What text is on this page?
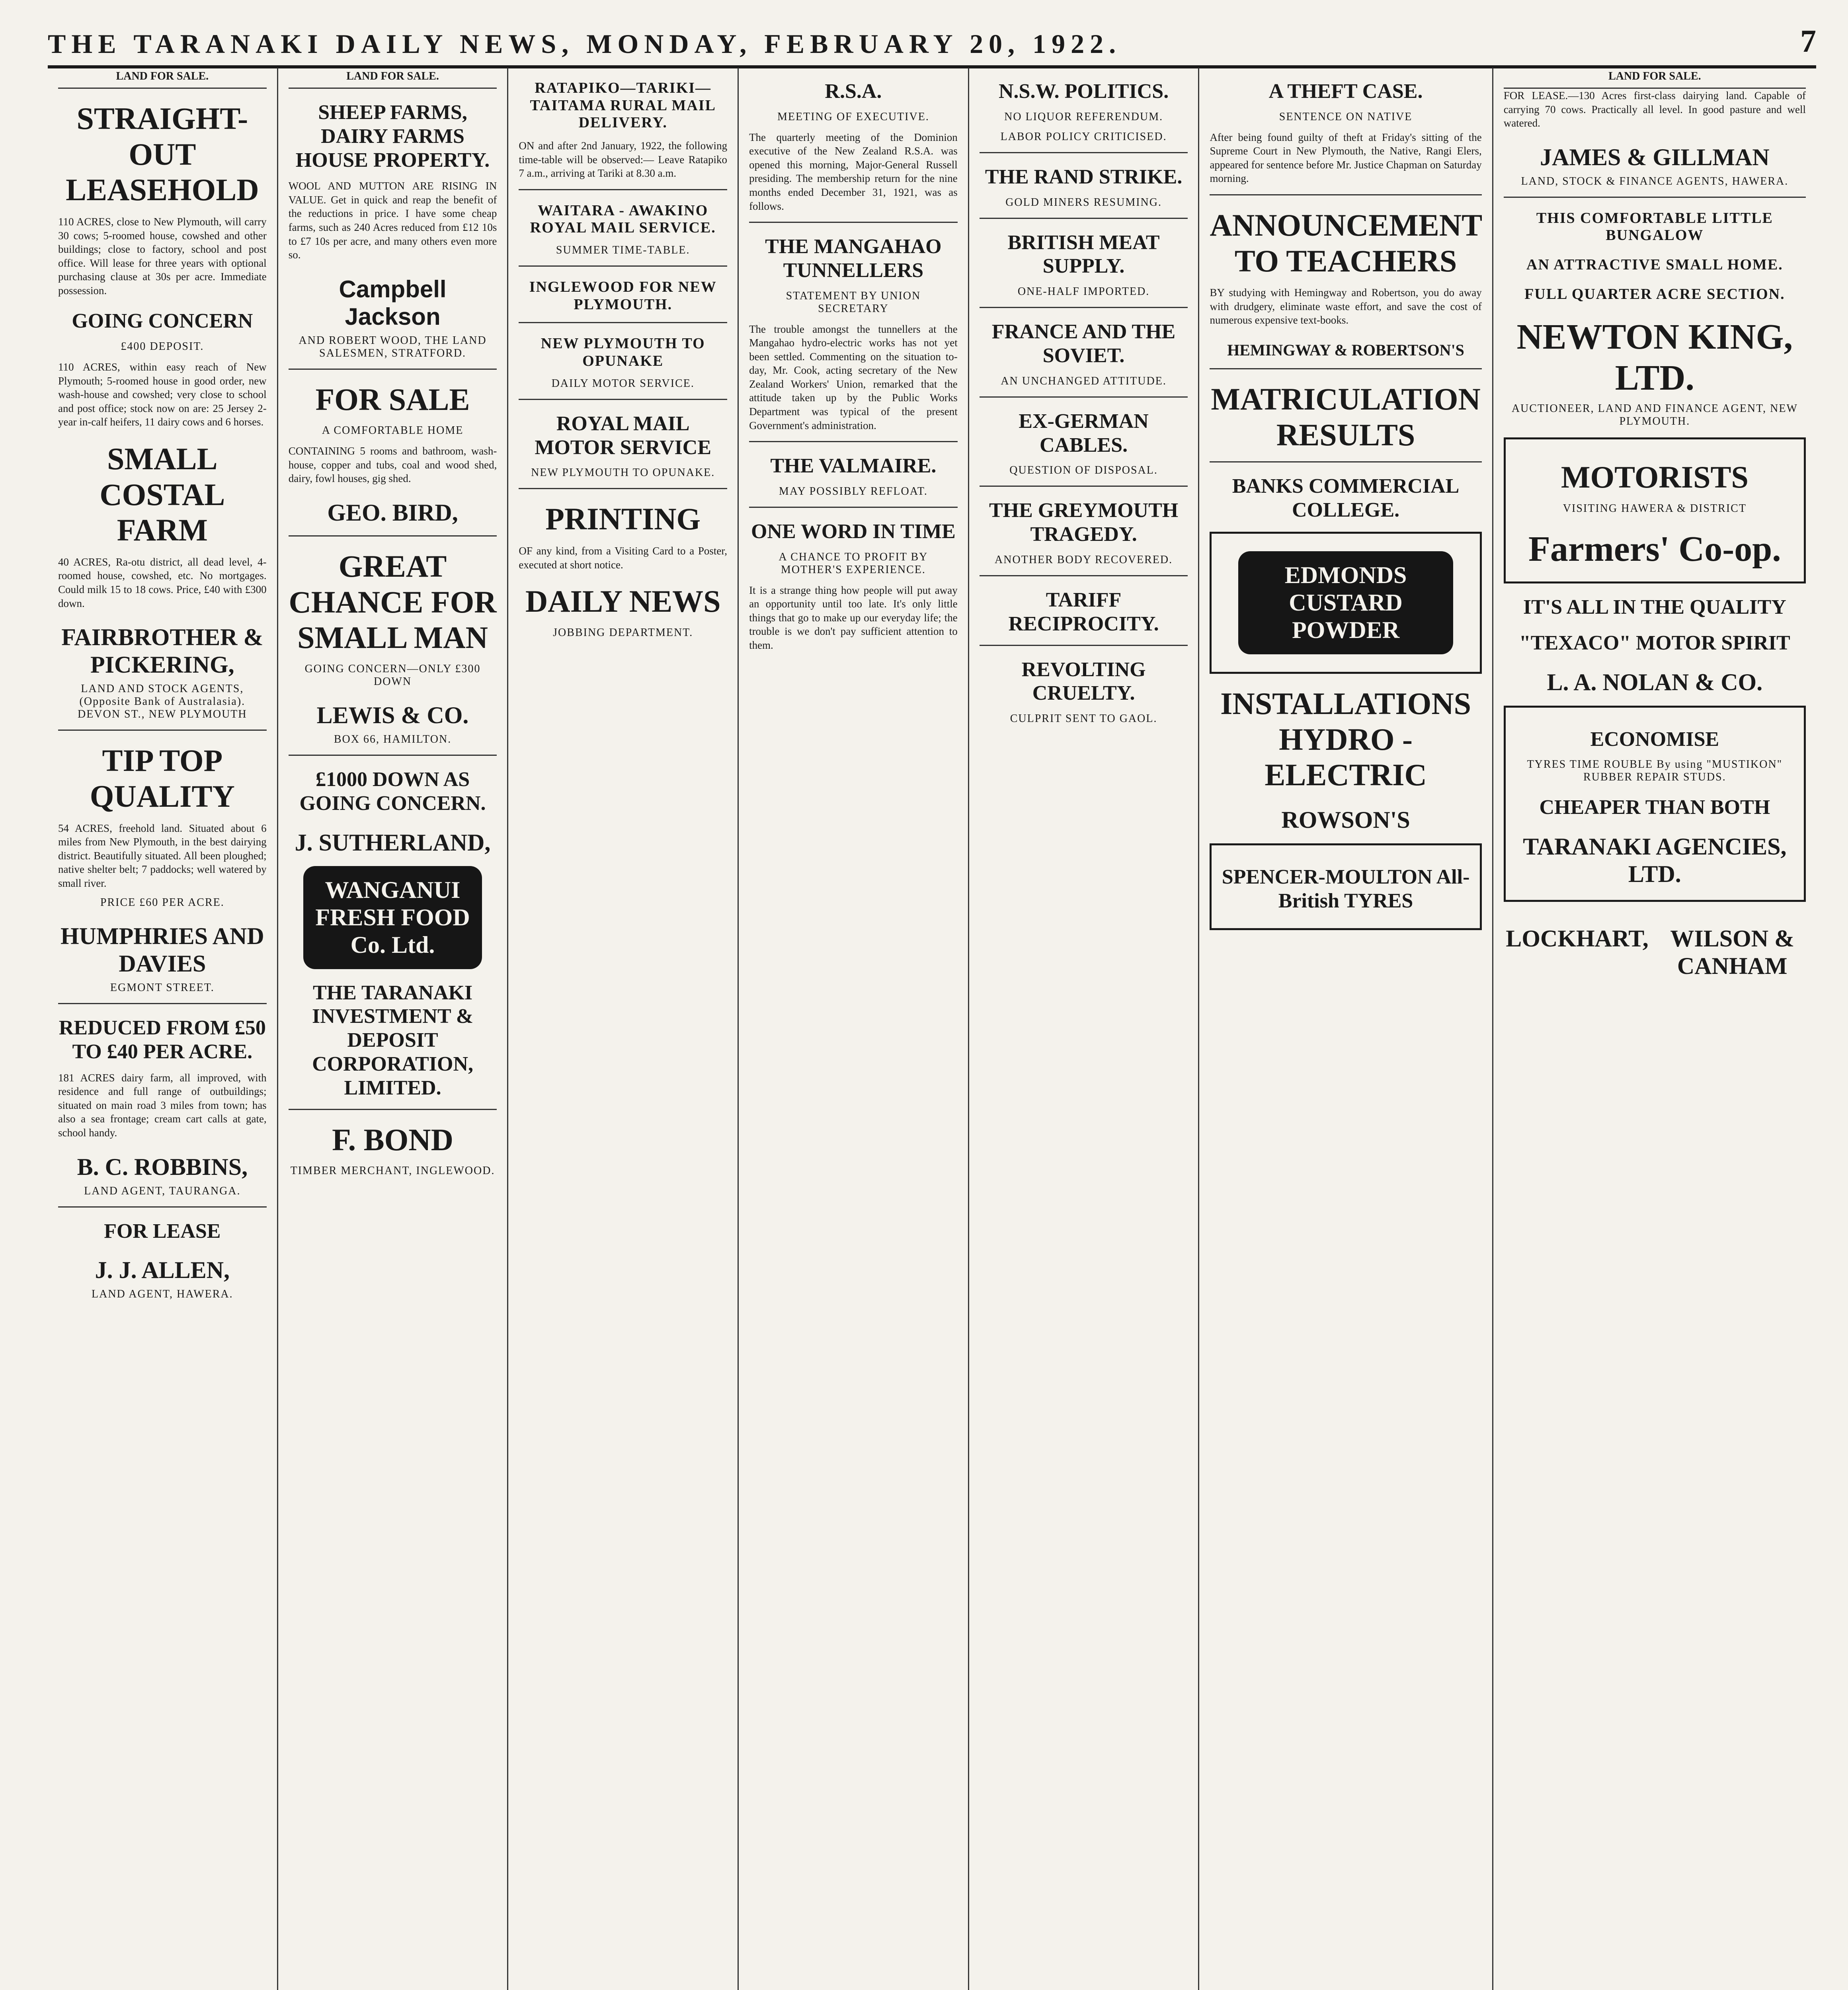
THE TARANAKI DAILY NEWS, MONDAY, FEBRUARY 20, 1922.	7
LAND FOR SALE.
STRAIGHT-OUT LEASEHOLD

110 ACRES, close to New Plymouth, will carry 30 cows; 5-roomed house, cowshed and other buildings; close to factory, school and post office. Will lease for three years with optional purchasing clause at 30s per acre. Immediate possession.

GOING CONCERN
£400 DEPOSIT.

110 ACRES, within easy reach of New Plymouth; 5-roomed house in good order, new wash-house and cowshed; very close to school and post office; stock now on are: 25 Jersey 2-year in-calf heifers, 11 dairy cows and 6 horses.

SMALL COSTAL FARM

40 ACRES, Ra-otu district, all dead level, 4-roomed house, cowshed, etc. No mortgages. Could milk 15 to 18 cows. Price, £40 with £300 down.

FAIRBROTHER & PICKERING,
LAND AND STOCK AGENTS, (Opposite Bank of Australasia). DEVON ST., NEW PLYMOUTH
TIP TOP QUALITY

54 ACRES, freehold land. Situated about 6 miles from New Plymouth, in the best dairying district. Beautifully situated. All been ploughed; native shelter belt; 7 paddocks; well watered by small river.

PRICE £60 PER ACRE.
HUMPHRIES AND DAVIES
EGMONT STREET.
REDUCED FROM £50 TO £40 PER ACRE.

181 ACRES dairy farm, all improved, with residence and full range of outbuildings; situated on main road 3 miles from town; has also a sea frontage; cream cart calls at gate, school handy.

B. C. ROBBINS,
LAND AGENT, TAURANGA.
FOR LEASE
J. J. ALLEN,
LAND AGENT, HAWERA.
LAND FOR SALE.
SHEEP FARMS, DAIRY FARMS HOUSE PROPERTY.

WOOL AND MUTTON ARE RISING IN VALUE. Get in quick and reap the benefit of the reductions in price. I have some cheap farms, such as 240 Acres reduced from £12 10s to £7 10s per acre, and many others even more so.

Campbell Jackson
AND ROBERT WOOD, THE LAND SALESMEN, STRATFORD.
FOR SALE
A COMFORTABLE HOME

CONTAINING 5 rooms and bathroom, wash-house, copper and tubs, coal and wood shed, dairy, fowl houses, gig shed.

GEO. BIRD,
GREAT CHANCE FOR SMALL MAN
GOING CONCERN—ONLY £300 DOWN
LEWIS & CO.
BOX 66, HAMILTON.
£1000 DOWN AS GOING CONCERN.
J. SUTHERLAND,
WANGANUI FRESH FOOD Co. Ltd.
THE TARANAKI INVESTMENT & DEPOSIT CORPORATION, LIMITED.
F. BOND
TIMBER MERCHANT, INGLEWOOD.
RATAPIKO—TARIKI—TAITAMA RURAL MAIL DELIVERY.

ON and after 2nd January, 1922, the following time-table will be observed:— Leave Ratapiko 7 a.m., arriving at Tariki at 8.30 a.m.

WAITARA - AWAKINO ROYAL MAIL SERVICE.
SUMMER TIME-TABLE.
INGLEWOOD FOR NEW PLYMOUTH.
NEW PLYMOUTH TO OPUNAKE
DAILY MOTOR SERVICE.
ROYAL MAIL MOTOR SERVICE
NEW PLYMOUTH TO OPUNAKE.
PRINTING

OF any kind, from a Visiting Card to a Poster, executed at short notice.

DAILY NEWS
JOBBING DEPARTMENT.
R.S.A.
MEETING OF EXECUTIVE.

The quarterly meeting of the Dominion executive of the New Zealand R.S.A. was opened this morning, Major-General Russell presiding. The membership return for the nine months ended December 31, 1921, was as follows.

THE MANGAHAO TUNNELLERS
STATEMENT BY UNION SECRETARY

The trouble amongst the tunnellers at the Mangahao hydro-electric works has not yet been settled. Commenting on the situation to-day, Mr. Cook, acting secretary of the New Zealand Workers' Union, remarked that the attitude taken up by the Public Works Department was typical of the present Government's administration.

THE VALMAIRE.
MAY POSSIBLY REFLOAT.
ONE WORD IN TIME
A CHANCE TO PROFIT BY MOTHER'S EXPERIENCE.

It is a strange thing how people will put away an opportunity until too late. It's only little things that go to make up our everyday life; the trouble is we don't pay sufficient attention to them.

N.S.W. POLITICS.
NO LIQUOR REFERENDUM.
LABOR POLICY CRITICISED.
THE RAND STRIKE.
GOLD MINERS RESUMING.
BRITISH MEAT SUPPLY.
ONE-HALF IMPORTED.
FRANCE AND THE SOVIET.
AN UNCHANGED ATTITUDE.
EX-GERMAN CABLES.
QUESTION OF DISPOSAL.
THE GREYMOUTH TRAGEDY.
ANOTHER BODY RECOVERED.
TARIFF RECIPROCITY.
REVOLTING CRUELTY.
CULPRIT SENT TO GAOL.
A THEFT CASE.
SENTENCE ON NATIVE

After being found guilty of theft at Friday's sitting of the Supreme Court in New Plymouth, the Native, Rangi Elers, appeared for sentence before Mr. Justice Chapman on Saturday morning.

ANNOUNCEMENT TO TEACHERS

BY studying with Hemingway and Robertson, you do away with drudgery, eliminate waste effort, and save the cost of numerous expensive text-books.

HEMINGWAY & ROBERTSON'S
MATRICULATION RESULTS
BANKS COMMERCIAL COLLEGE.
EDMONDS CUSTARD POWDER
INSTALLATIONS HYDRO - ELECTRIC
ROWSON'S
SPENCER-MOULTON All-British TYRES
LAND FOR SALE.

FOR LEASE.—130 Acres first-class dairying land. Capable of carrying 70 cows. Practically all level. In good pasture and well watered.

JAMES & GILLMAN
LAND, STOCK & FINANCE AGENTS, HAWERA.
THIS COMFORTABLE LITTLE BUNGALOW
AN ATTRACTIVE SMALL HOME.
FULL QUARTER ACRE SECTION.
NEWTON KING, LTD.
AUCTIONEER, LAND AND FINANCE AGENT, NEW PLYMOUTH.
MOTORISTS
VISITING HAWERA & DISTRICT
Farmers' Co-op.
IT'S ALL IN THE QUALITY
"TEXACO" MOTOR SPIRIT
L. A. NOLAN & CO.
ECONOMISE
TYRES TIME ROUBLE By using "MUSTIKON" RUBBER REPAIR STUDS.
CHEAPER THAN BOTH
TARANAKI AGENCIES, LTD.
LOCKHART, WILSON & CANHAM
